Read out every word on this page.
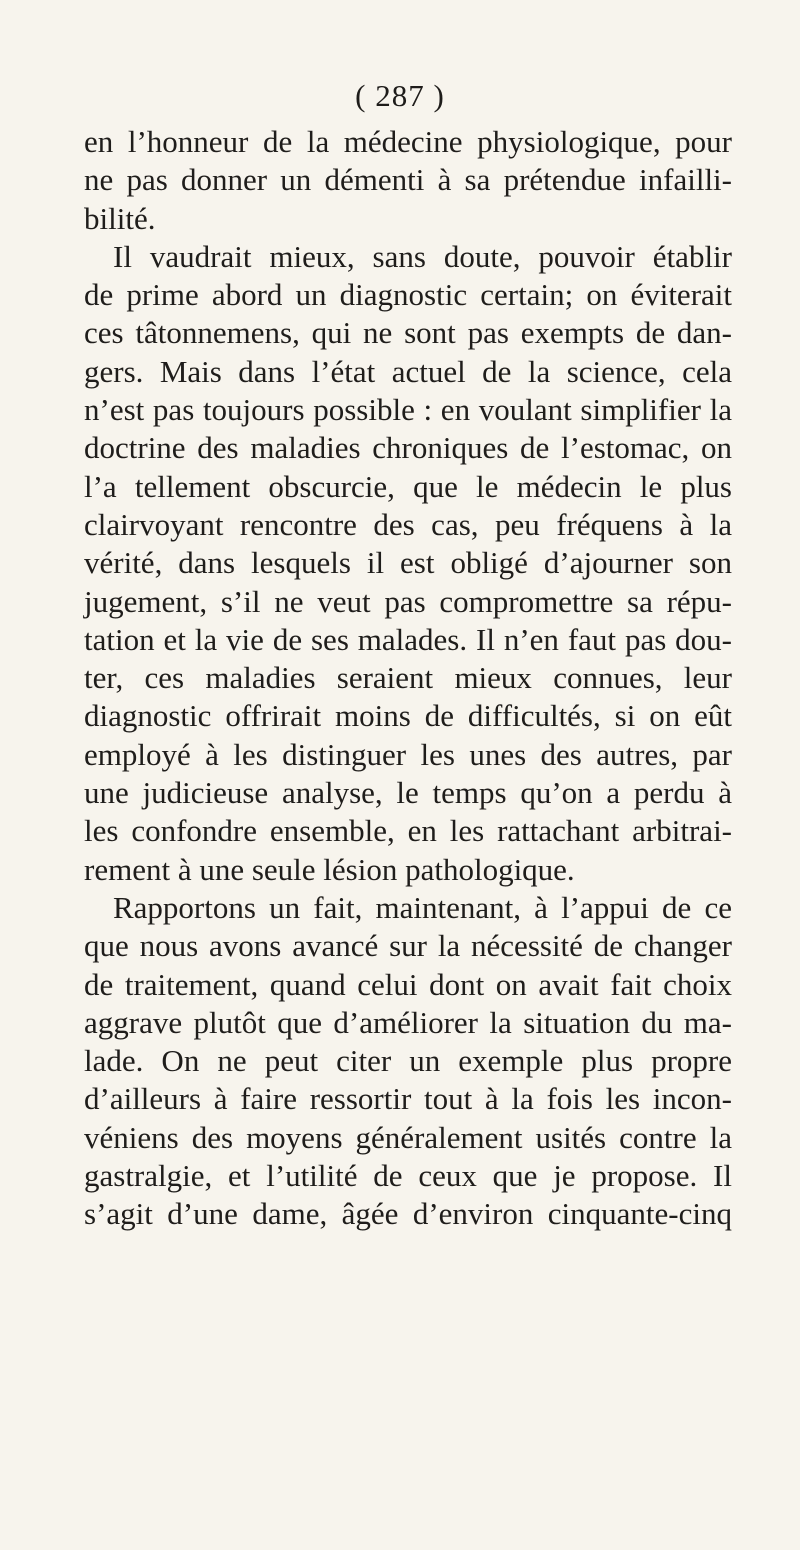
( 287 )
en l’honneur de la médecine physiologique, pour
ne pas donner un démenti à sa prétendue infailli-
bilité.
Il vaudrait mieux, sans doute, pouvoir établir
de prime abord un diagnostic certain; on éviterait
ces tâtonnemens, qui ne sont pas exempts de dan-
gers. Mais dans l’état actuel de la science, cela
n’est pas toujours possible : en voulant simplifier la
doctrine des maladies chroniques de l’estomac, on
l’a tellement obscurcie, que le médecin le plus
clairvoyant rencontre des cas, peu fréquens à la
vérité, dans lesquels il est obligé d’ajourner son
jugement, s’il ne veut pas compromettre sa répu-
tation et la vie de ses malades. Il n’en faut pas dou-
ter, ces maladies seraient mieux connues, leur
diagnostic offrirait moins de difficultés, si on eût
employé à les distinguer les unes des autres, par
une judicieuse analyse, le temps qu’on a perdu à
les confondre ensemble, en les rattachant arbitrai-
rement à une seule lésion pathologique.
Rapportons un fait, maintenant, à l’appui de ce
que nous avons avancé sur la nécessité de changer
de traitement, quand celui dont on avait fait choix
aggrave plutôt que d’améliorer la situation du ma-
lade. On ne peut citer un exemple plus propre
d’ailleurs à faire ressortir tout à la fois les incon-
véniens des moyens généralement usités contre la
gastralgie, et l’utilité de ceux que je propose. Il
s’agit d’une dame, âgée d’environ cinquante-cinq
